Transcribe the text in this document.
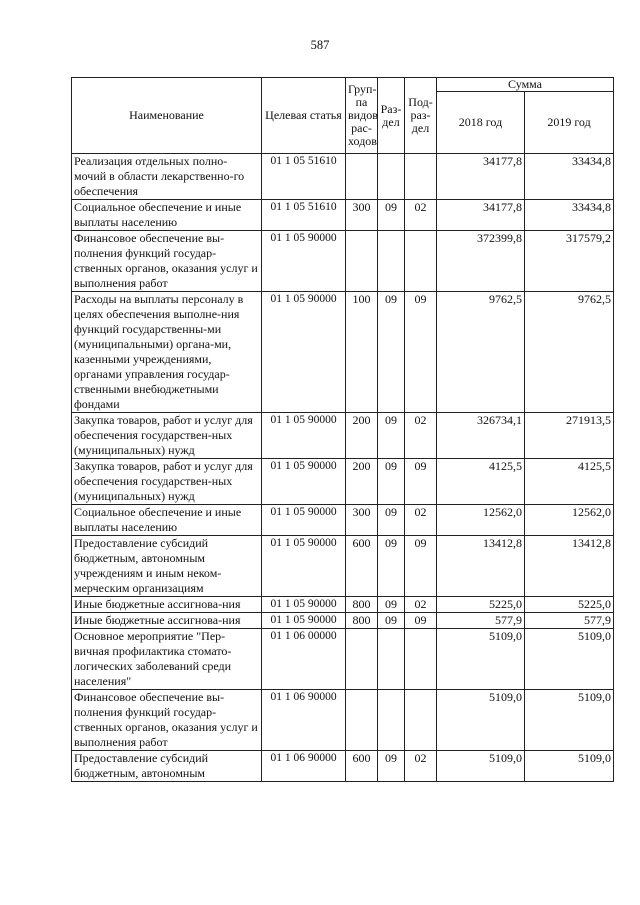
587
Наименование	Целевая статья	Груп-па видов рас-ходов	Раз-дел	Под-раз-дел	Сумма	
					2018 год	2019 год
Реализация отдельных полно-мочий в области лекарственно-го обеспечения	01 1 05 51610				34177,8	33434,8
Социальное обеспечение и иные выплаты населению	01 1 05 51610	300	09	02	34177,8	33434,8
Финансовое обеспечение вы-полнения функций государ-ственных органов, оказания услуг и выполнения работ	01 1 05 90000				372399,8	317579,2
Расходы на выплаты персоналу в целях обеспечения выполне-ния функций государственны-ми (муниципальными) органа-ми, казенными учреждениями, органами управления государ-ственными внебюджетными фондами	01 1 05 90000	100	09	09	9762,5	9762,5
Закупка товаров, работ и услуг для обеспечения государствен-ных (муниципальных) нужд	01 1 05 90000	200	09	02	326734,1	271913,5
Закупка товаров, работ и услуг для обеспечения государствен-ных (муниципальных) нужд	01 1 05 90000	200	09	09	4125,5	4125,5
Социальное обеспечение и иные выплаты населению	01 1 05 90000	300	09	02	12562,0	12562,0
Предоставление субсидий бюджетным, автономным учреждениям и иным неком-мерческим организациям	01 1 05 90000	600	09	09	13412,8	13412,8
Иные бюджетные ассигнова-ния	01 1 05 90000	800	09	02	5225,0	5225,0
Иные бюджетные ассигнова-ния	01 1 05 90000	800	09	09	577,9	577,9
Основное мероприятие "Пер-вичная профилактика стомато-логических заболеваний среди населения"	01 1 06 00000				5109,0	5109,0
Финансовое обеспечение вы-полнения функций государ-ственных органов, оказания услуг и выполнения работ	01 1 06 90000				5109,0	5109,0
Предоставление субсидий бюджетным, автономным	01 1 06 90000	600	09	02	5109,0	5109,0
